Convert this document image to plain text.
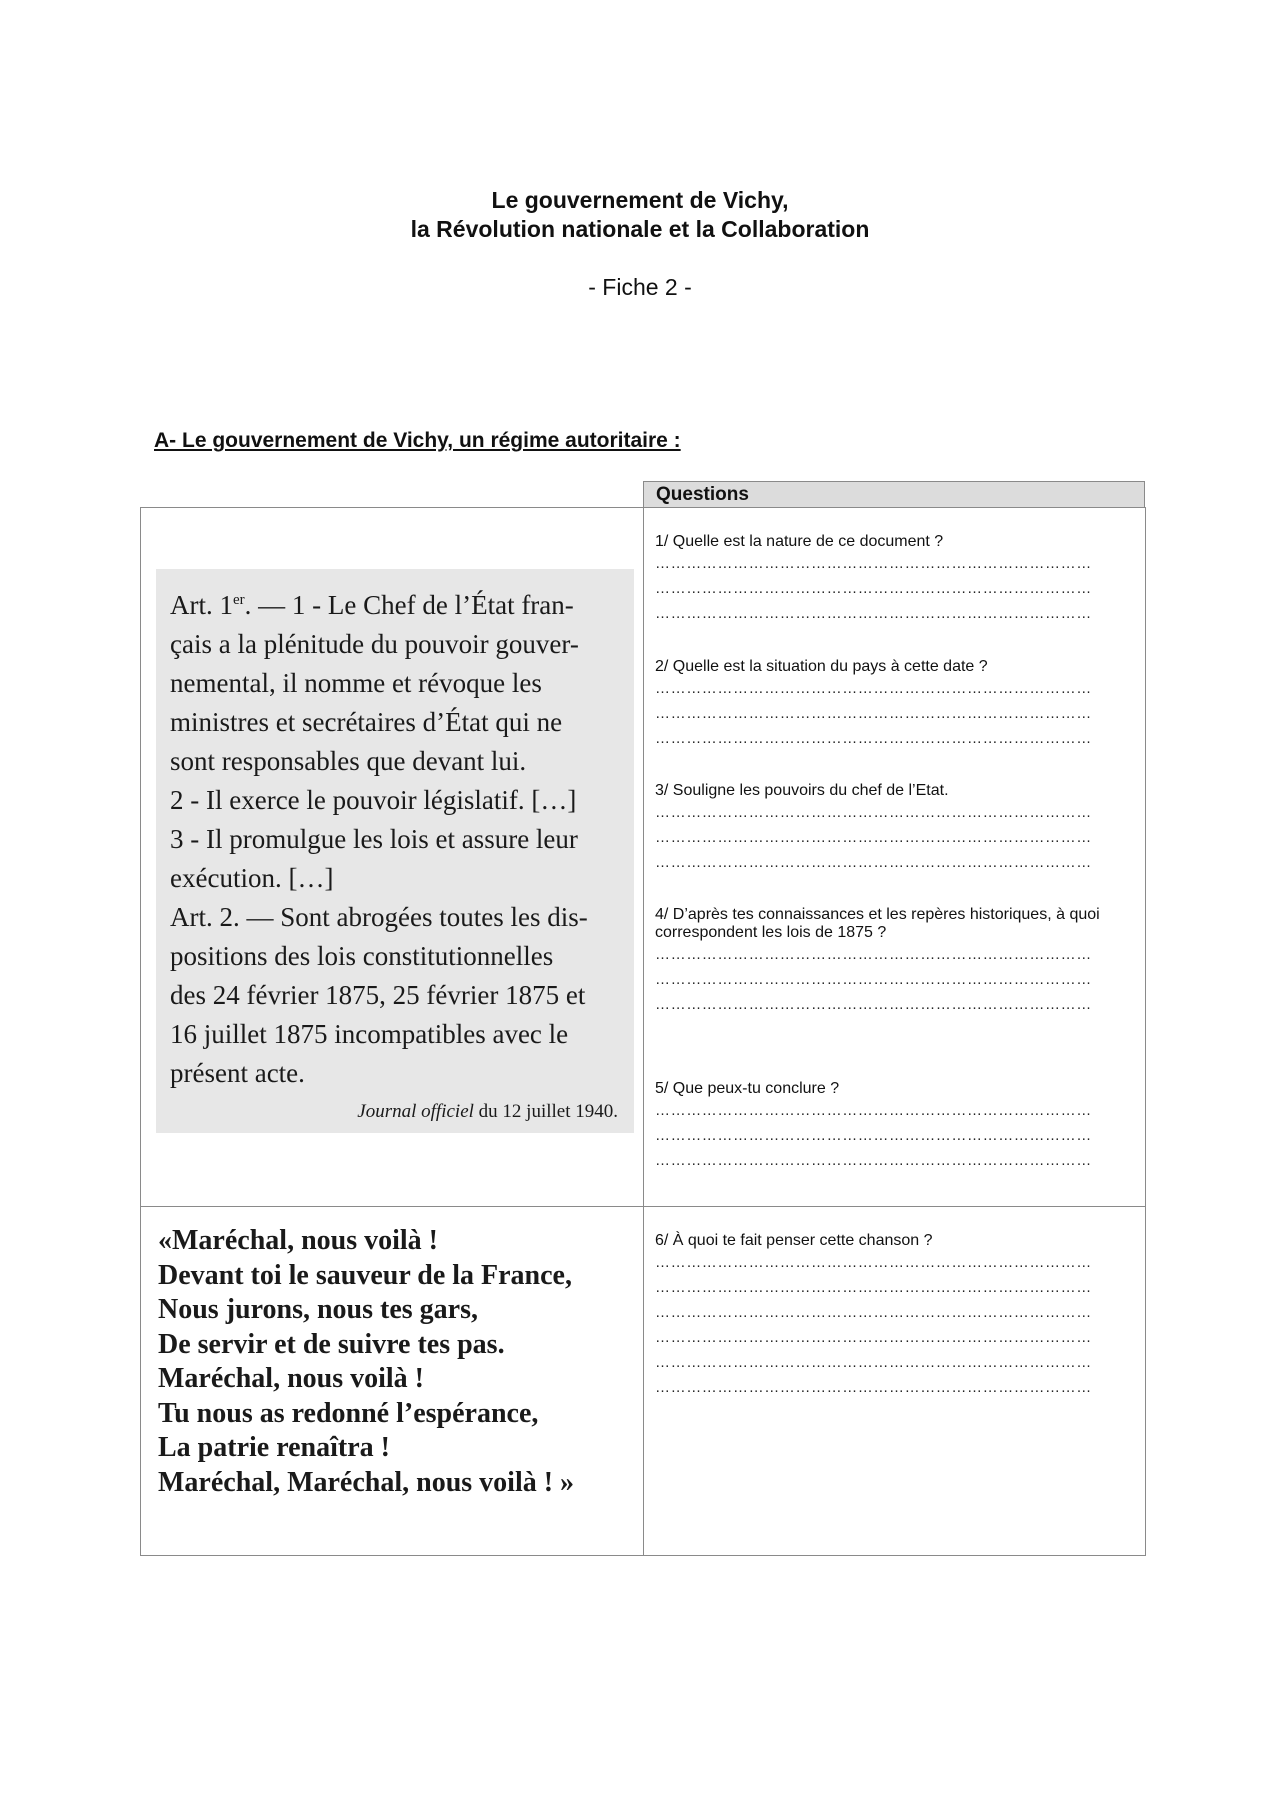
Le gouvernement de Vichy,
la Révolution nationale et la Collaboration
- Fiche 2 -
A- Le gouvernement de Vichy, un régime autoritaire :
Questions

Art. 1er. — 1 - Le Chef de l’État fran-

çais a la plénitude du pouvoir gouver-

nemental, il nomme et révoque les

ministres et secrétaires d’État qui ne

sont responsables que devant lui.

2 - Il exerce le pouvoir législatif. […]

3 - Il promulgue les lois et assure leur

exécution. […]

Art. 2. — Sont abrogées toutes les dis-

positions des lois constitutionnelles

des 24 février 1875, 25 février 1875 et

16 juillet 1875 incompatibles avec le

présent acte.

Journal officiel du 12 juillet 1940.

«Maréchal, nous voilà !

Devant toi le sauveur de la France,

Nous jurons, nous tes gars,

De servir et de suivre tes pas.

Maréchal, nous voilà !

Tu nous as redonné l’espérance,

La patrie renaîtra !

Maréchal, Maréchal, nous voilà ! »

1/ Quelle est la nature de ce document ?

…………………………………………………………………………
…………………………………………………………………………
…………………………………………………………………………

2/ Quelle est la situation du pays à cette date ?

…………………………………………………………………………
…………………………………………………………………………
…………………………………………………………………………

3/ Souligne les pouvoirs du chef de l’Etat.

…………………………………………………………………………
…………………………………………………………………………
…………………………………………………………………………

4/ D’après tes connaissances et les repères historiques, à quoi correspondent les lois de 1875 ?

…………………………………………………………………………
…………………………………………………………………………
…………………………………………………………………………

5/ Que peux-tu conclure ?

…………………………………………………………………………
…………………………………………………………………………
…………………………………………………………………………

6/ À quoi te fait penser cette chanson ?

…………………………………………………………………………
…………………………………………………………………………
…………………………………………………………………………
…………………………………………………………………………
…………………………………………………………………………
…………………………………………………………………………
